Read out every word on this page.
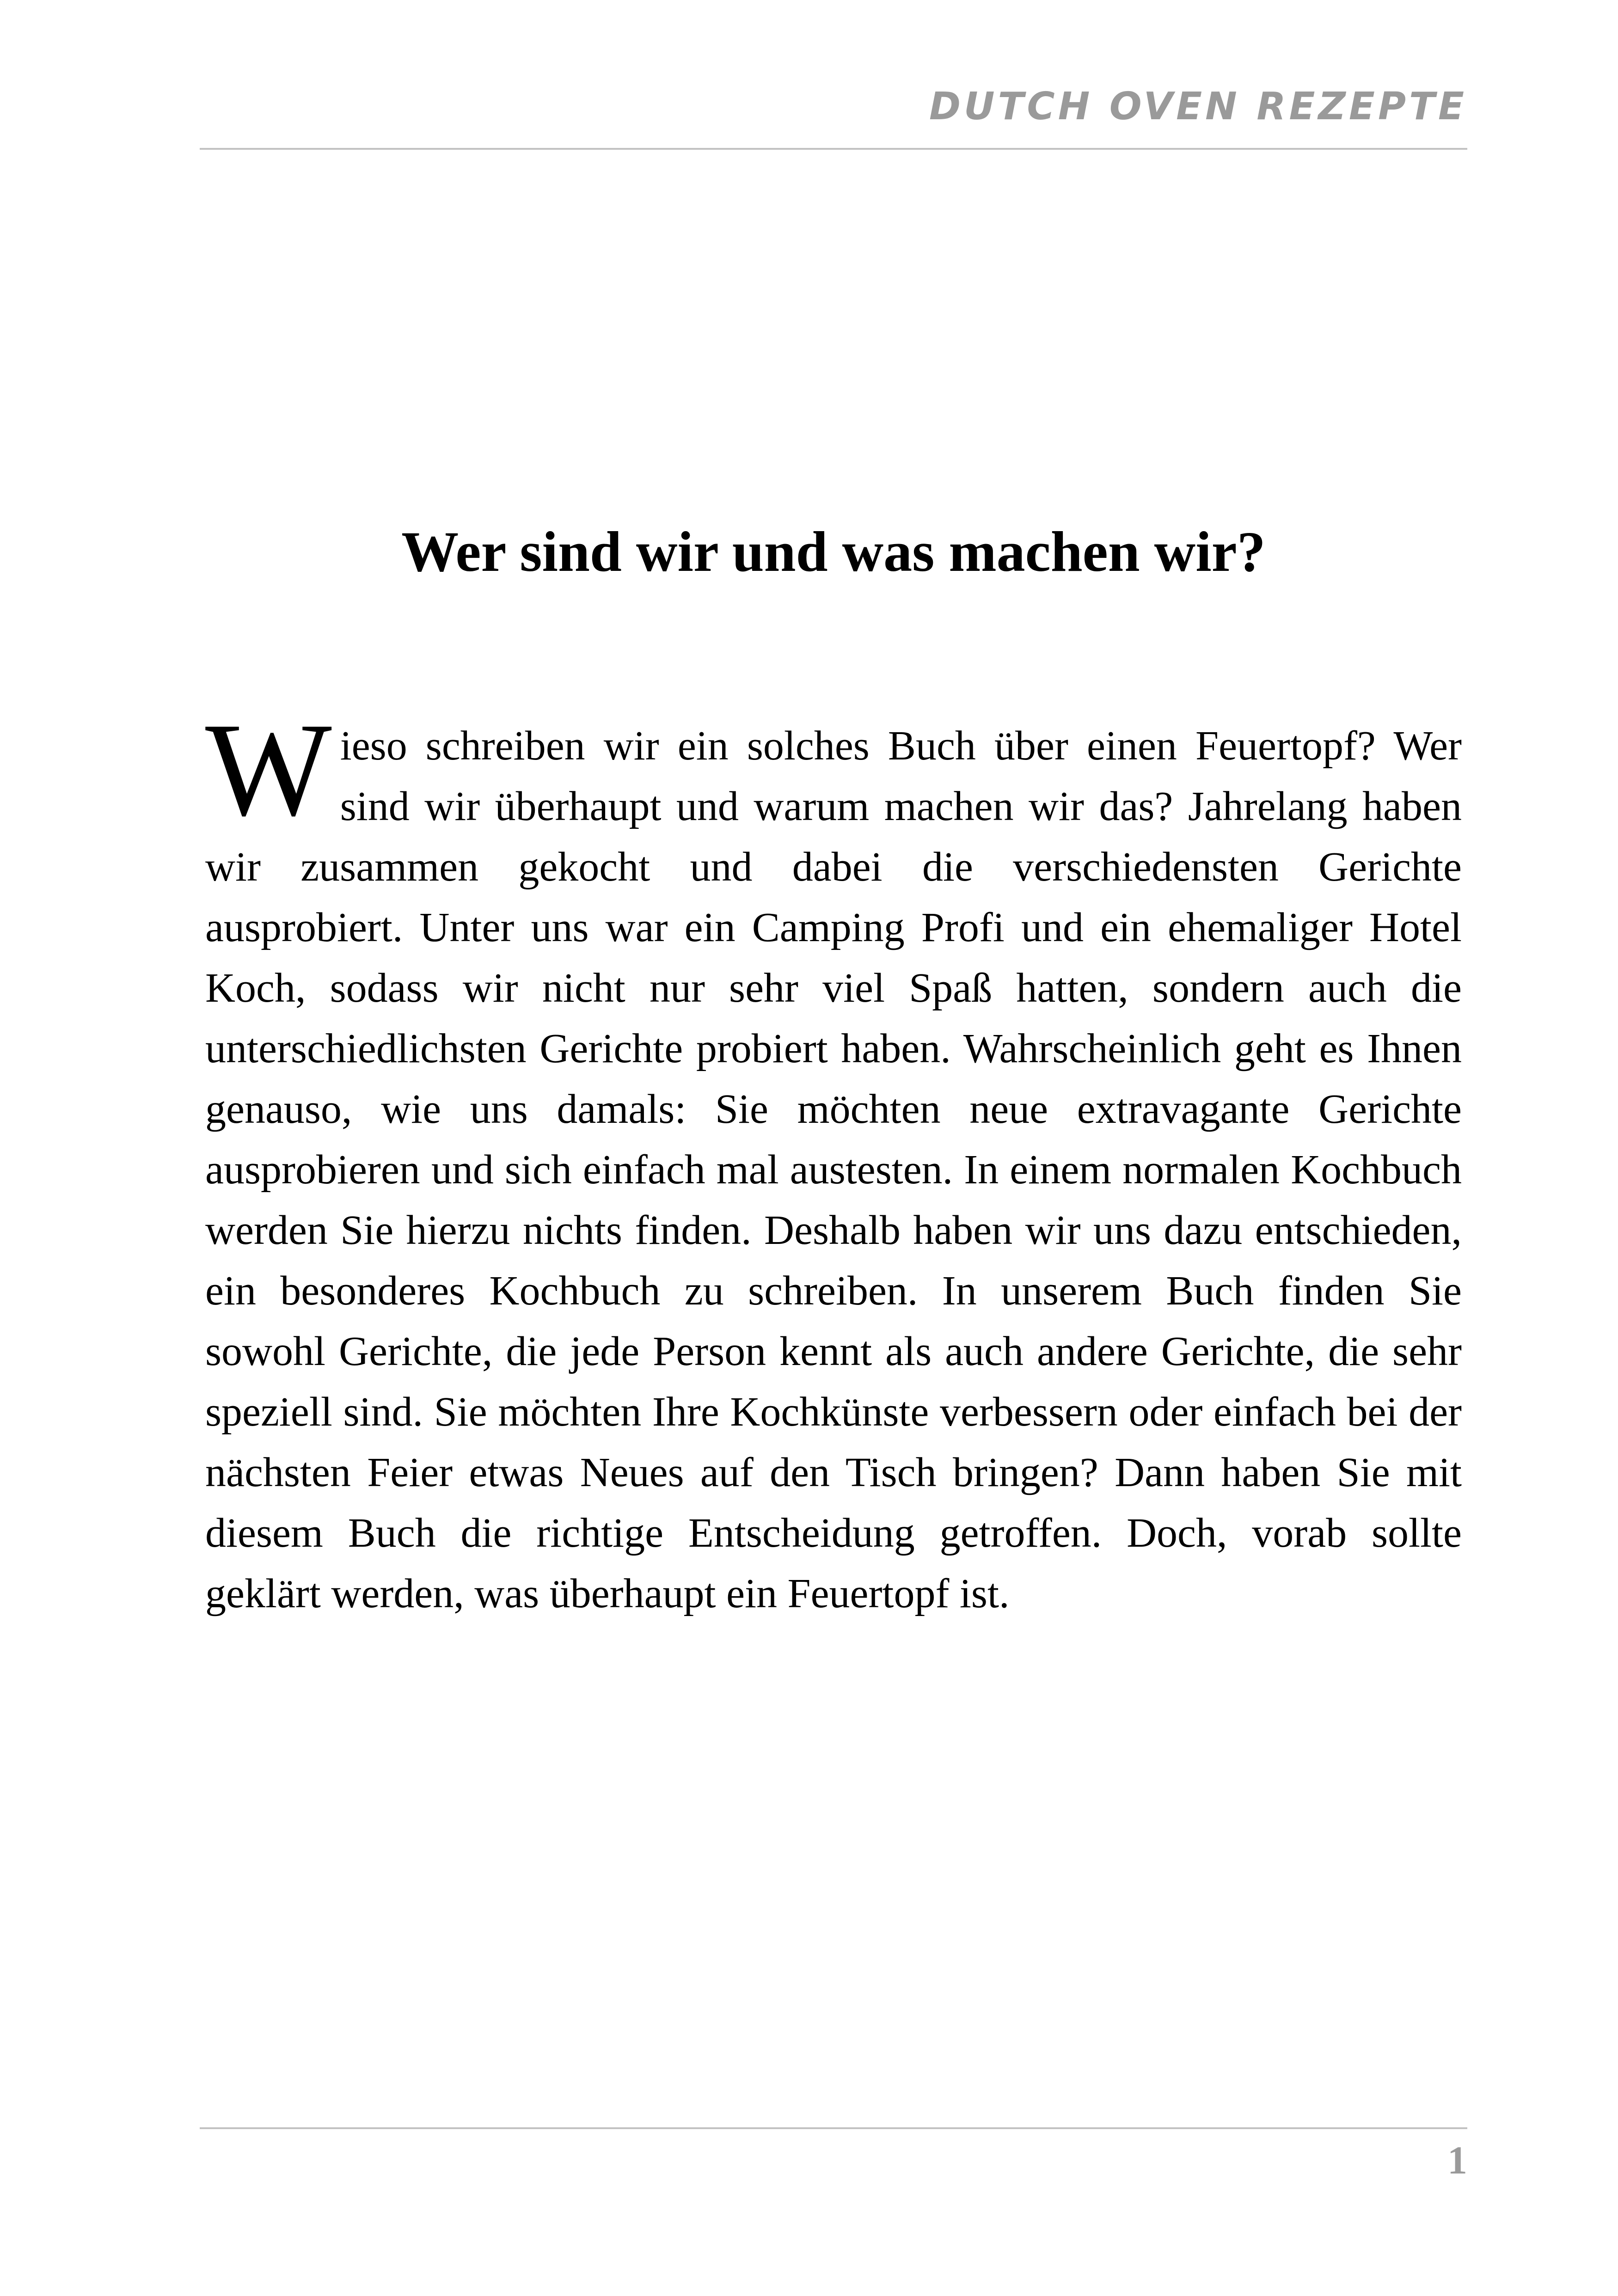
DUTCH OVEN REZEPTE
Wer sind wir und was machen wir?

Wieso schreiben wir ein solches Buch über einen Feuertopf? Wer sind wir überhaupt und warum machen wir das? Jahrelang haben wir zusammen gekocht und dabei die verschiedensten Gerichte ausprobiert. Unter uns war ein Camping Profi und ein ehemaliger Hotel Koch, sodass wir nicht nur sehr viel Spaß hatten, sondern auch die unterschiedlichsten Gerichte probiert haben. Wahrscheinlich geht es Ihnen genauso, wie uns damals: Sie möchten neue extravagante Gerichte ausprobieren und sich einfach mal austesten. In einem normalen Kochbuch werden Sie hierzu nichts finden. Deshalb haben wir uns dazu entschieden, ein besonderes Kochbuch zu schreiben. In unserem Buch finden Sie sowohl Gerichte, die jede Person kennt als auch andere Gerichte, die sehr speziell sind. Sie möchten Ihre Kochkünste verbessern oder einfach bei der nächsten Feier etwas Neues auf den Tisch bringen? Dann haben Sie mit diesem Buch die richtige Entscheidung getroffen. Doch, vorab sollte geklärt werden, was überhaupt ein Feuertopf ist.

1
